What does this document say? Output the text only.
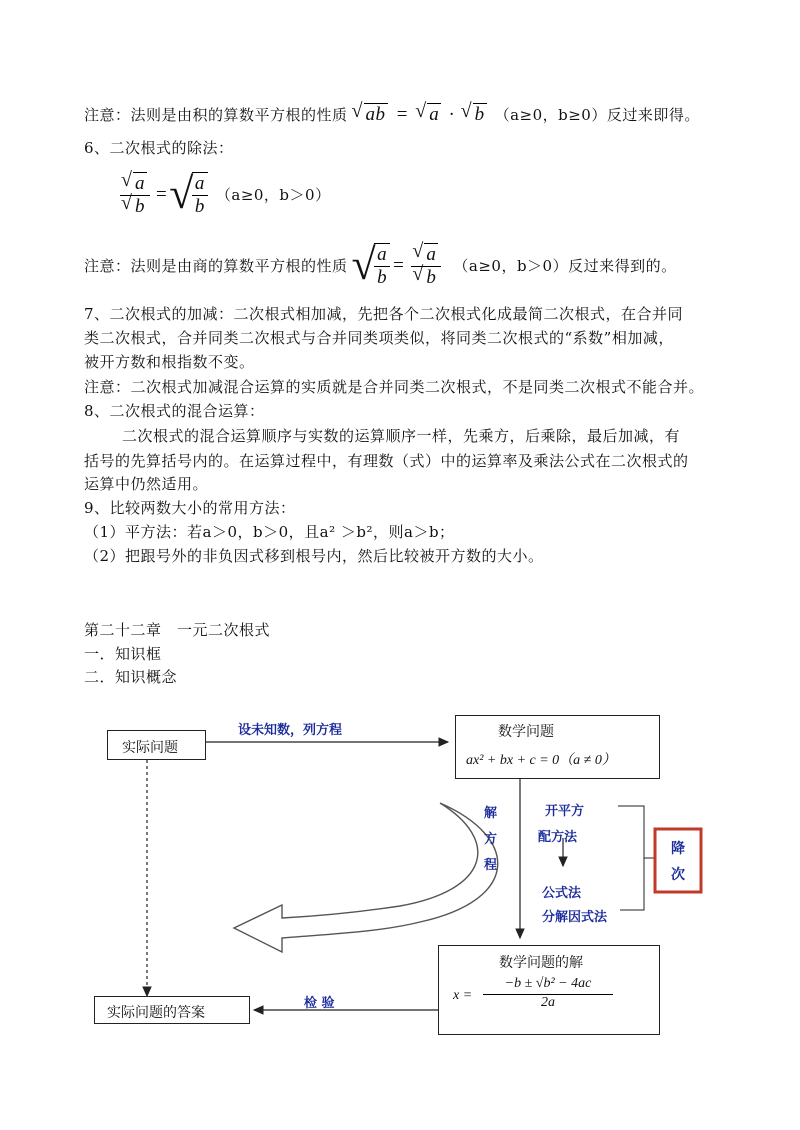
注意：法则是由积的算数平方根的性质 √ ab = √ a · √ b （a≥0，b≥0）反过来即得。
6、二次根式的除法：
√ a
√ b = √
$\frac{a}{b} (a\ge 0$，b＞0）
注意：法则是由商的算数平方根的性质 √
$\frac{a}{b}$ = √ a
√ b （a≥0，b＞0）反过来得到的。
7、二次根式的加减：二次根式相加减，先把各个二次根式化成最简二次根式，在合并同
类二次根式，合并同类二次根式与合并同类项类似，将同类二次根式的“系数”相加减，
被开方数和根指数不变。
注意：二次根式加减混合运算的实质就是合并同类二次根式，不是同类二次根式不能合并。
8、二次根式的混合运算：
二次根式的混合运算顺序与实数的运算顺序一样，先乘方，后乘除，最后加减，有
括号的先算括号内的。在运算过程中，有理数（式）中的运算率及乘法公式在二次根式的
运算中仍然适用。
9、比较两数大小的常用方法：
（1）平方法：若a＞0，b＞0，且a² ＞b²，则a＞b；
（2）把跟号外的非负因式移到根号内，然后比较被开方数的大小。
第二十二章　一元二次根式
一．知识框
二．知识概念
实际问题
设未知数，列方程	数学问题
ax² + bx + c = 0（a ≠ 0）
解
方
程
开平方
配方法
公式法
分解因式法
降
次
数学问题的解
x =
−b ± √b² − 4ac
2a
检 验
实际问题的答案
